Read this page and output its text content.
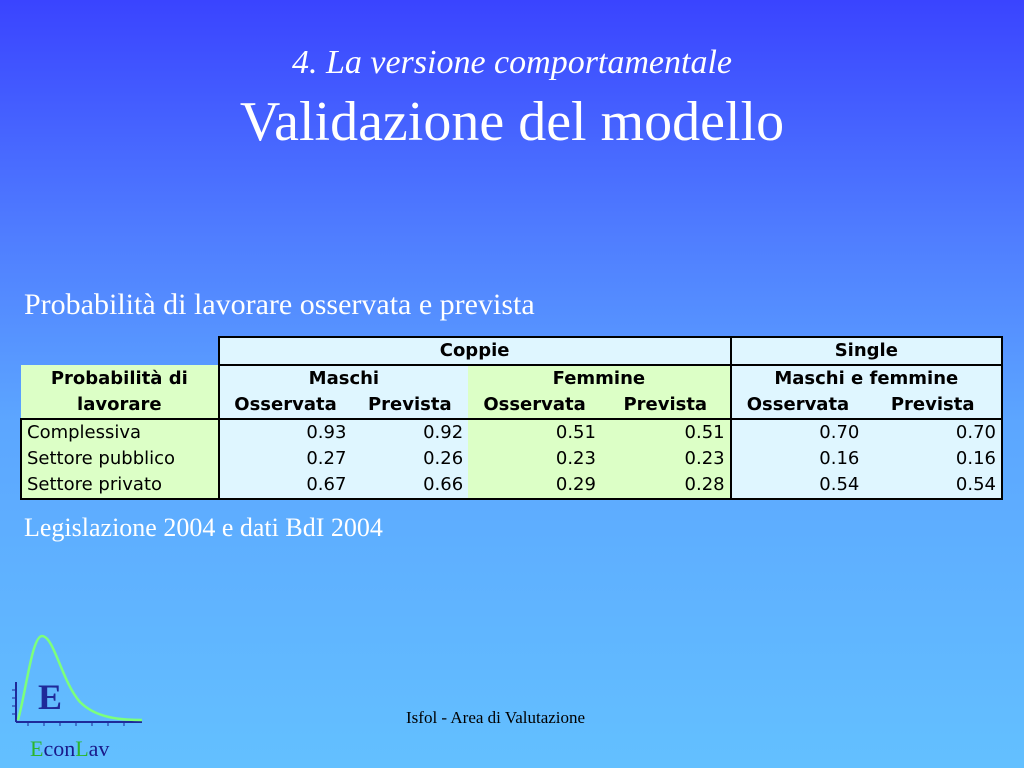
4. La versione comportamentale
Validazione del modello
Probabilità di lavorare osservata e prevista
	Coppie				Single	
Probabilità di lavorare	Maschi		Femmine		Maschi e femmine	
	Osservata	Prevista	Osservata	Prevista	Osservata	Prevista
Complessiva	0.93	0.92	0.51	0.51	0.70	0.70
Settore pubblico	0.27	0.26	0.23	0.23	0.16	0.16
Settore privato	0.67	0.66	0.29	0.28	0.54	0.54
Legislazione 2004 e dati BdI 2004
E
EconLav
Isfol - Area di Valutazione
